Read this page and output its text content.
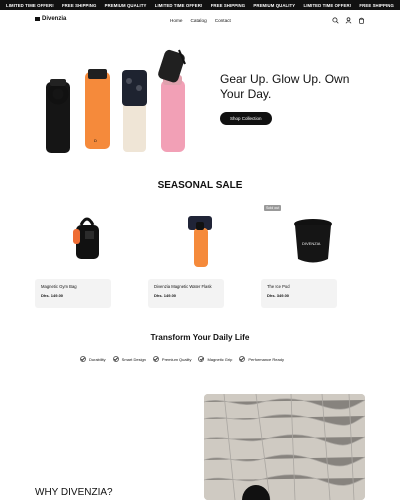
LIMITED TIME OFFER! FREE SHIPPING PREMIUM QUALITY LIMITED TIME OFFER! FREE SHIPPING PREMIUM QUALITY LIMITED TIME OFFER! FREE SHIPPING
Divenzia	Home Catalog Contact
D
Gear Up. Glow Up. Own Your Day.
Shop Collection
SEASONAL SALE

Magnetic Gym Bag

Dhs. 149.00

Divenzia Magnetic Water Flask

Dhs. 149.00

Sold out
DIVENZIA

The Ice Pod

Dhs. 349.00

Transform Your Daily Life
Durability	Smart Design	Premium Quality	Magnetic Grip	Performance Ready
WHY DIVENZIA?
